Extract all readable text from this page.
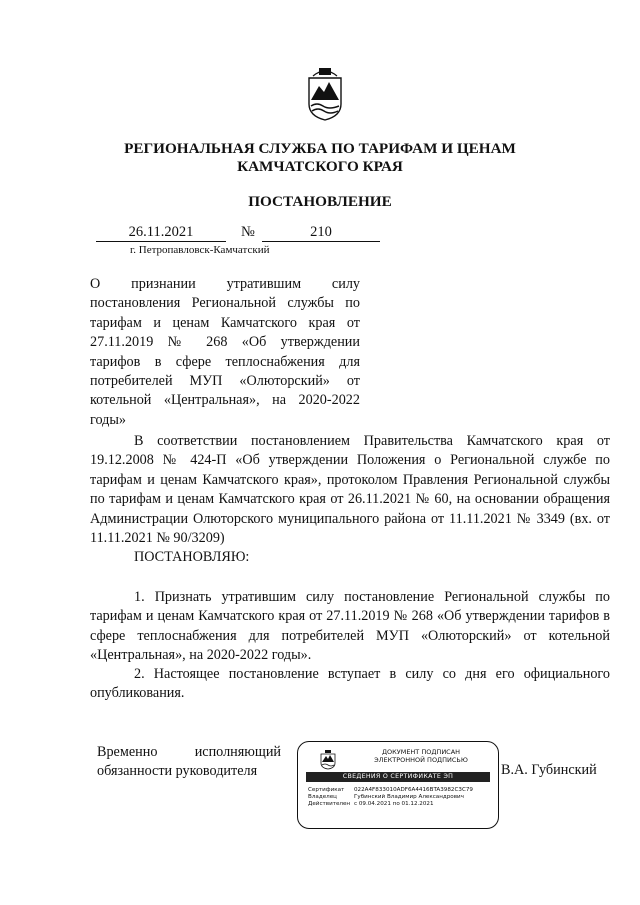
РЕГИОНАЛЬНАЯ СЛУЖБА ПО ТАРИФАМ И ЦЕНАМ
КАМЧАТСКОГО КРАЯ
ПОСТАНОВЛЕНИЕ
26.11.2021	№	210
г. Петропавловск-Камчатский
О признании утратившим силу постановления Региональной службы по тарифам и ценам Камчатского края от 27.11.2019 № 268 «Об утверждении тарифов в сфере теплоснабжения для потребителей МУП «Олюторский» от котельной «Центральная», на 2020-2022 годы»

В соответствии постановлением Правительства Камчатского края от 19.12.2008 № 424-П «Об утверждении Положения о Региональной службе по тарифам и ценам Камчатского края», протоколом Правления Региональной службы по тарифам и ценам Камчатского края от 26.11.2021 № 60, на основании обращения Администрации Олюторского муниципального района от 11.11.2021 № 3349 (вх. от 11.11.2021 № 90/3209)

ПОСТАНОВЛЯЮ:

1. Признать утратившим силу постановление Региональной службы по тарифам и ценам Камчатского края от 27.11.2019 № 268 «Об утверждении тарифов в сфере теплоснабжения для потребителей МУП «Олюторский» от котельной «Центральная», на 2020-2022 годы».

2. Настоящее постановление вступает в силу со дня его официального опубликования.

Временно	исполняющий
обязанности руководителя
ДОКУМЕНТ ПОДПИСАН
ЭЛЕКТРОННОЙ ПОДПИСЬЮ
СВЕДЕНИЯ О СЕРТИФИКАТЕ ЭП
Сертификат 022A4F833010ADF6A4416BTA3982C3C79
Владелец	Губинский Владимир Александрович
Действителен с 09.04.2021 по 01.12.2021
В.А. Губинский
